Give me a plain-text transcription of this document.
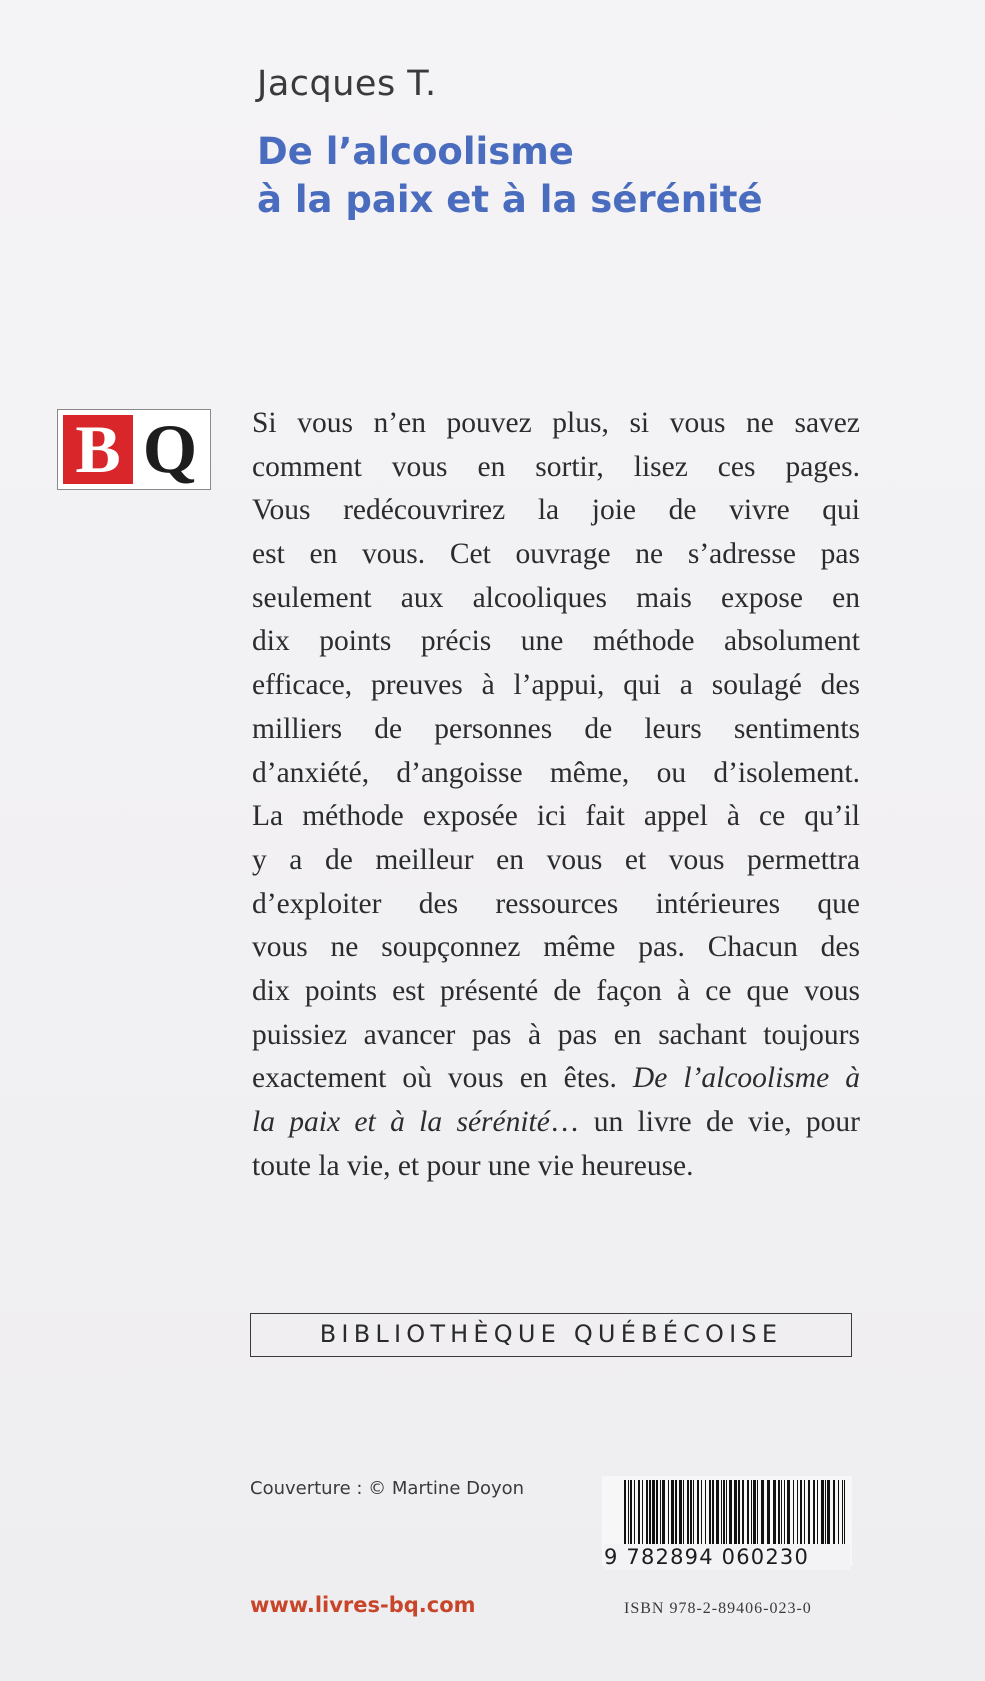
Jacques T.
De l’alcoolisme
à la paix et à la sérénité
B Q Si vous n’en pouvez plus, si vous ne savez
comment vous en sortir, lisez ces pages.
Vous redécouvrirez la joie de vivre qui
est en vous. Cet ouvrage ne s’adresse pas
seulement aux alcooliques mais expose en
dix points précis une méthode absolument
efficace, preuves à l’appui, qui a soulagé des
milliers de personnes de leurs sentiments
d’anxiété, d’angoisse même, ou d’isolement.
La méthode exposée ici fait appel à ce qu’il
y a de meilleur en vous et vous permettra
d’exploiter des ressources intérieures que
vous ne soupçonnez même pas. Chacun des
dix points est présenté de façon à ce que vous
puissiez avancer pas à pas en sachant toujours
exactement où vous en êtes. De l’alcoolisme à
la paix et à la sérénité… un livre de vie, pour
toute la vie, et pour une vie heureuse.
BIBLIOTHÈQUE QUÉBÉCOISE
Couverture : © Martine Doyon
9 782894 060230
www.livres-bq.com	ISBN 978-2-89406-023-0
